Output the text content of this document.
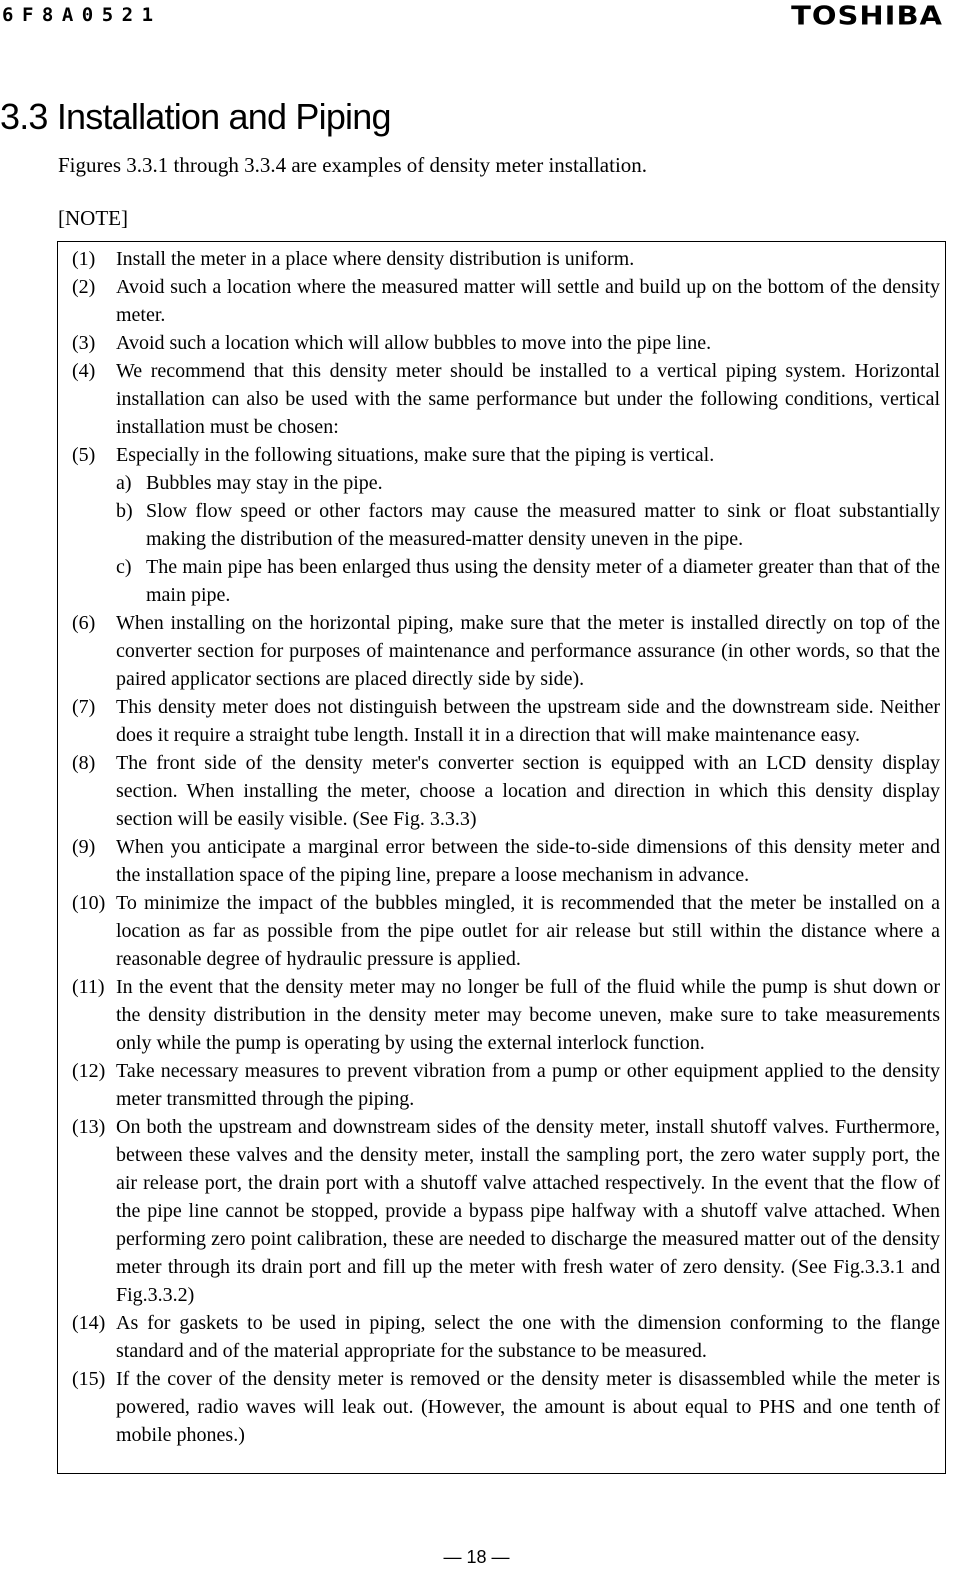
6F8A0521	TOSHIBA
3.3 Installation and Piping
Figures 3.3.1 through 3.3.4 are examples of density meter installation.
[NOTE]
(1)	Install the meter in a place where density distribution is uniform.
(2)	Avoid such a location where the measured matter will settle and build up on the bottom of the density meter.
(3)	Avoid such a location which will allow bubbles to move into the pipe line.
(4)	We recommend that this density meter should be installed to a vertical piping system. Horizontal installation can also be used with the same performance but under the following conditions, vertical installation must be chosen:
(5)	Especially in the following situations, make sure that the piping is vertical.
a) Bubbles may stay in the pipe.
b) Slow flow speed or other factors may cause the measured matter to sink or float substantially making the distribution of the measured-matter density uneven in the pipe.
c) The main pipe has been enlarged thus using the density meter of a diameter greater than that of the main pipe.
(6)	When installing on the horizontal piping, make sure that the meter is installed directly on top of the converter section for purposes of maintenance and performance assurance (in other words, so that the paired applicator sections are placed directly side by side).
(7)	This density meter does not distinguish between the upstream side and the downstream side. Neither does it require a straight tube length. Install it in a direction that will make maintenance easy.
(8)	The front side of the density meter's converter section is equipped with an LCD density display section. When installing the meter, choose a location and direction in which this density display section will be easily visible. (See Fig. 3.3.3)
(9)	When you anticipate a marginal error between the side-to-side dimensions of this density meter and the installation space of the piping line, prepare a loose mechanism in advance.
(10) To minimize the impact of the bubbles mingled, it is recommended that the meter be installed on a location as far as possible from the pipe outlet for air release but still within the distance where a reasonable degree of hydraulic pressure is applied.
(11) In the event that the density meter may no longer be full of the fluid while the pump is shut down or the density distribution in the density meter may become uneven, make sure to take measurements only while the pump is operating by using the external interlock function.
(12) Take necessary measures to prevent vibration from a pump or other equipment applied to the density meter transmitted through the piping.
(13) On both the upstream and downstream sides of the density meter, install shutoff valves. Furthermore, between these valves and the density meter, install the sampling port, the zero water supply port, the air release port, the drain port with a shutoff valve attached respectively. In the event that the flow of the pipe line cannot be stopped, provide a bypass pipe halfway with a shutoff valve attached. When performing zero point calibration, these are needed to discharge the measured matter out of the density meter through its drain port and fill up the meter with fresh water of zero density. (See Fig.3.3.1 and Fig.3.3.2)
(14) As for gaskets to be used in piping, select the one with the dimension conforming to the flange standard and of the material appropriate for the substance to be measured.
(15) If the cover of the density meter is removed or the density meter is disassembled while the meter is powered, radio waves will leak out. (However, the amount is about equal to PHS and one tenth of mobile phones.)
— 18 —
